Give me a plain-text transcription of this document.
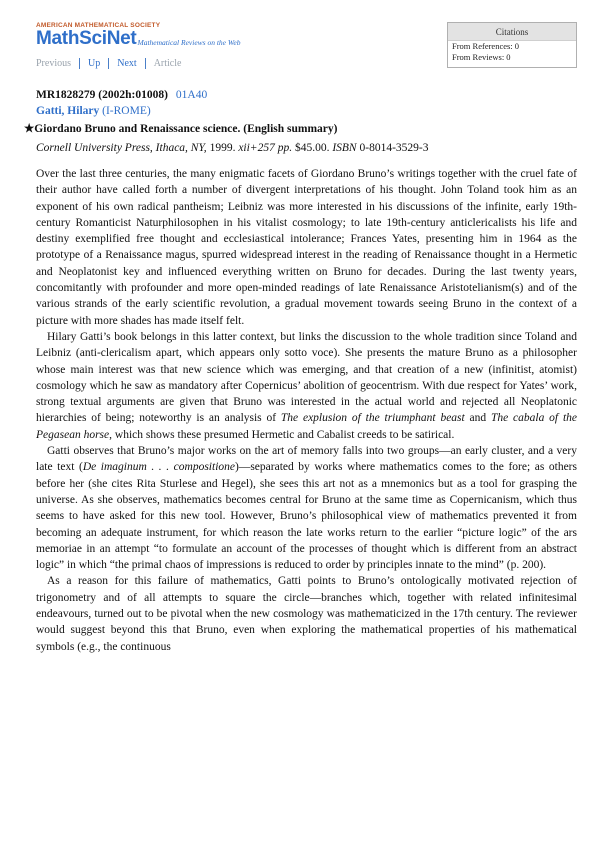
AMERICAN MATHEMATICAL SOCIETY
MathSciNet Mathematical Reviews on the Web
Previous	Up	Next	Article
Citations
From References: 0
From Reviews: 0
MR1828279 (2002h:01008) 01A40
Gatti, Hilary (I-ROME)
★Giordano Bruno and Renaissance science. (English summary)
Cornell University Press, Ithaca, NY, 1999. xii+257 pp. $45.00. ISBN 0-8014-3529-3

Over the last three centuries, the many enigmatic facets of Giordano Bruno’s writings together with the cruel fate of their author have called forth a number of divergent interpretations of his thought. John Toland took him as an exponent of his own radical pantheism; Leibniz was more interested in his discussions of the infinite, early 19th-century Romanticist Naturphilosophen in his vitalist cosmology; to late 19th-century anticlericalists his life and destiny exemplified free thought and ecclesiastical intolerance; Frances Yates, presenting him in 1964 as the prototype of a Renaissance magus, spurred widespread interest in the reading of Renaissance thought in a Hermetic and Neoplatonist key and influenced everything written on Bruno for decades. During the last twenty years, concomitantly with profounder and more open-minded readings of late Renaissance Aristotelianism(s) and of the various strands of the early scientific revolution, a gradual movement towards seeing Bruno in the context of a picture with more shades has made itself felt.

Hilary Gatti’s book belongs in this latter context, but links the discussion to the whole tradition since Toland and Leibniz (anti-clericalism apart, which appears only sotto voce). She presents the mature Bruno as a philosopher whose main interest was that new science which was emerging, and that creation of a new (infinitist, atomist) cosmology which he saw as mandatory after Copernicus’ abolition of geocentrism. With due respect for Yates’ work, strong textual arguments are given that Bruno was interested in the actual world and rejected all Neoplatonic hierarchies of being; noteworthy is an analysis of The explusion of the triumphant beast and The cabala of the Pegasean horse, which shows these presumed Hermetic and Cabalist creeds to be satirical.

Gatti observes that Bruno’s major works on the art of memory falls into two groups—an early cluster, and a very late text (De imaginum . . . compositione)—separated by works where mathematics comes to the fore; as others before her (she cites Rita Sturlese and Hegel), she sees this art not as a mnemonics but as a tool for grasping the universe. As she observes, mathematics becomes central for Bruno at the same time as Copernicanism, which thus seems to have asked for this new tool. However, Bruno’s philosophical view of mathematics prevented it from becoming an adequate instrument, for which reason the late works return to the earlier “picture logic” of the ars memoriae in an attempt “to formulate an account of the processes of thought which is different from an abstract logic” in which “the primal chaos of impressions is reduced to order by principles innate to the mind” (p. 200).

As a reason for this failure of mathematics, Gatti points to Bruno’s ontologically motivated rejection of trigonometry and of all attempts to square the circle—branches which, together with related infinitesimal endeavours, turned out to be pivotal when the new cosmology was mathematicized in the 17th century. The reviewer would suggest beyond this that Bruno, even when exploring the mathematical properties of his mathematical symbols (e.g., the continuous
